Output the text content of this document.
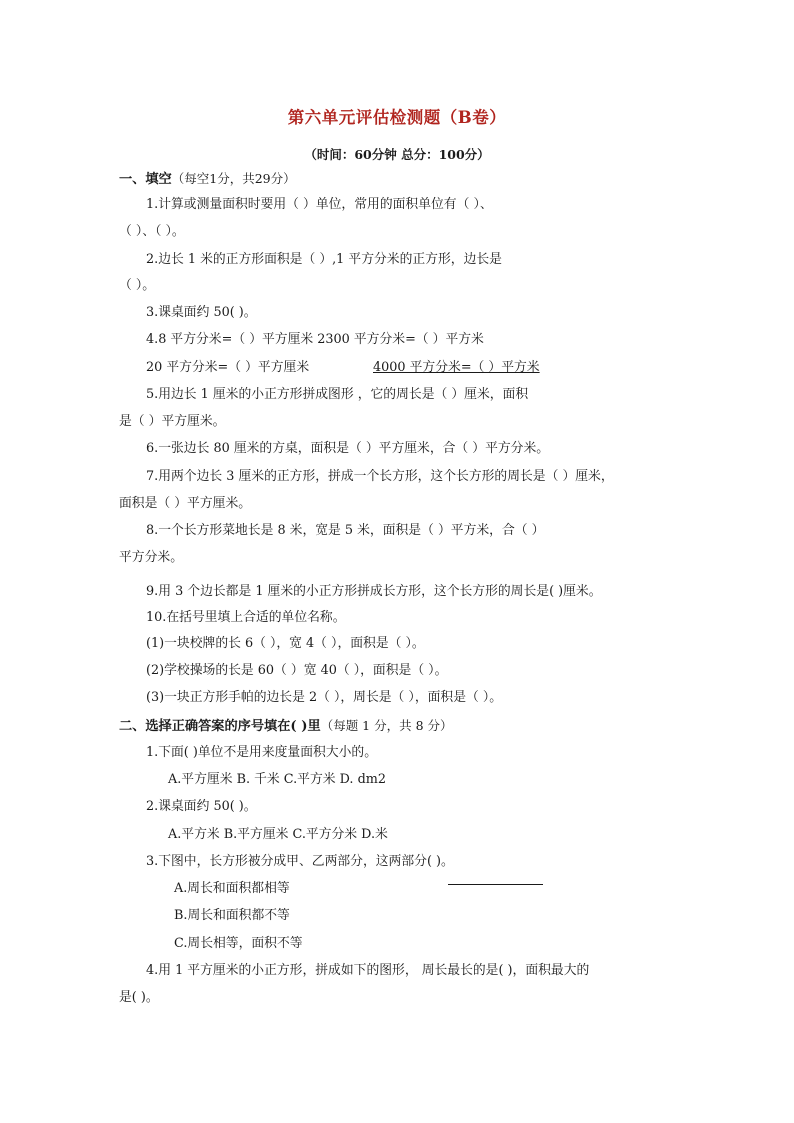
第六单元评估检测题（B卷）
（时间：60分钟 总分：100分）
一、填空（每空1分，共29分）
1.计算或测量面积时要用（ ）单位，常用的面积单位有（ ）、
（ ）、（ ）。
2.边长 1 米的正方形面积是（ ）,1 平方分米的正方形，边长是
（ ）。
3.课桌面约 50( )。
4.8 平方分米=（ ）平方厘米 2300 平方分米=（ ）平方米
20 平方分米=（ ）平方厘米	4000 平方分米=（ ）平方米
5.用边长 1 厘米的小正方形拼成图形 ，它的周长是（ ）厘米，面积
是（ ）平方厘米。
6.一张边长 80 厘米的方桌，面积是（ ）平方厘米，合（ ）平方分米。
7.用两个边长 3 厘米的正方形，拼成一个长方形，这个长方形的周长是（ ）厘米，
面积是（ ）平方厘米。
8.一个长方形菜地长是 8 米，宽是 5 米，面积是（ ）平方米，合（ ）
平方分米。
9.用 3 个边长都是 1 厘米的小正方形拼成长方形，这个长方形的周长是( )厘米。
10.在括号里填上合适的单位名称。
(1)一块校牌的长 6（ ），宽 4（ ），面积是（ ）。
(2)学校操场的长是 60（ ）宽 40（ ），面积是（ ）。
(3)一块正方形手帕的边长是 2（ ），周长是（ ），面积是（ ）。
二、选择正确答案的序号填在( )里（每题 1 分，共 8 分）
1.下面( )单位不是用来度量面积大小的。
A.平方厘米 B. 千米 C.平方米 D. dm2
2.课桌面约 50( )。
A.平方米 B.平方厘米 C.平方分米 D.米
3.下图中，长方形被分成甲、乙两部分，这两部分( )。
A.周长和面积都相等
B.周长和面积都不等
C.周长相等，面积不等
4.用 1 平方厘米的小正方形，拼成如下的图形， 周长最长的是( )，面积最大的
是( )。
